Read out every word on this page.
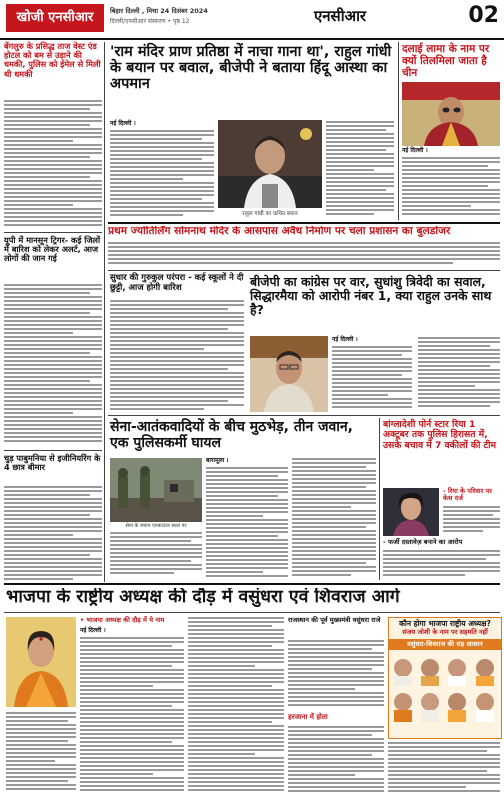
खोजी एनसीआर	बिहार दिल्ली , मिथा 24 दिसंबर 2024
दिल्ली/एनसीआर संस्करण • पृष्ठ 12	एनसीआर	02
बेंगलुरु के प्रसिद्ध ताज वेस्ट एंड होटल को बम से उड़ाने की धमकी, पुलिस को ईमेल से मिली थी धमकी
यूपी में मानसून ट्रिगर‑ कई जिलों में बारिश को लेकर अलर्ट, आज लोगों की जान गई
चुड़ पाबुमनिया से इजीनियरिंग के 4 छात्र बीमार
'राम मंदिर प्राण प्रतिष्ठा में नाचा गाना था', राहुल गांधी के बयान पर बवाल, बीजेपी ने बताया हिंदू आस्था का अपमान
राहुल गांधी का कथित बयान
नई दिल्ली ।
दलाई लामा के नाम पर क्यों तिलमिला जाता है चीन
नई दिल्ली ।
प्रथम ज्योतिर्लिंग सोमनाथ मंदिर के आसपास अवैध निर्माण पर चला प्रशासन का बुलडोजर
सुधार की गुरुकुल परंपरा - कई स्कूलों ने दी छुट्टी, आज होगी बारिश	बीजेपी का कांग्रेस पर वार, सुधांशु त्रिवेदी का सवाल, सिद्धारमैया को आरोपी नंबर 1, क्या राहुल उनके साथ है?
नई दिल्ली ।
सेना-आतंकवादियों के बीच मुठभेड़, तीन जवान, एक पुलिसकर्मी घायल
सेना के जवान एनकाउंटर स्थल पर
बारामूला ।
बांग्लादेशी पोर्न स्टार रिया 1 अक्टूबर तक पुलिस हिरासत में, उसके बचाव में 7 वकीलों की टीम
- रिया के परिवार पर केस दर्ज
- फर्जी दस्तावेज़ बनाने का आरोप
भाजपा के राष्ट्रीय अध्यक्ष की दौड़ में वसुंधरा एवं शिवराज आगे
• भाजपा अध्यक्ष की दौड़ में ये नाम
नई दिल्ली ।
राजस्थान की पूर्व मुख्यमंत्री वसुंधरा राजे
हरजाना में होता
कौन होगा भाजपा राष्ट्रीय अध्यक्ष?
संजय जोशी के नाम पर सहमति नहीं
वसुंधरा-शिवराज की राह आसान
